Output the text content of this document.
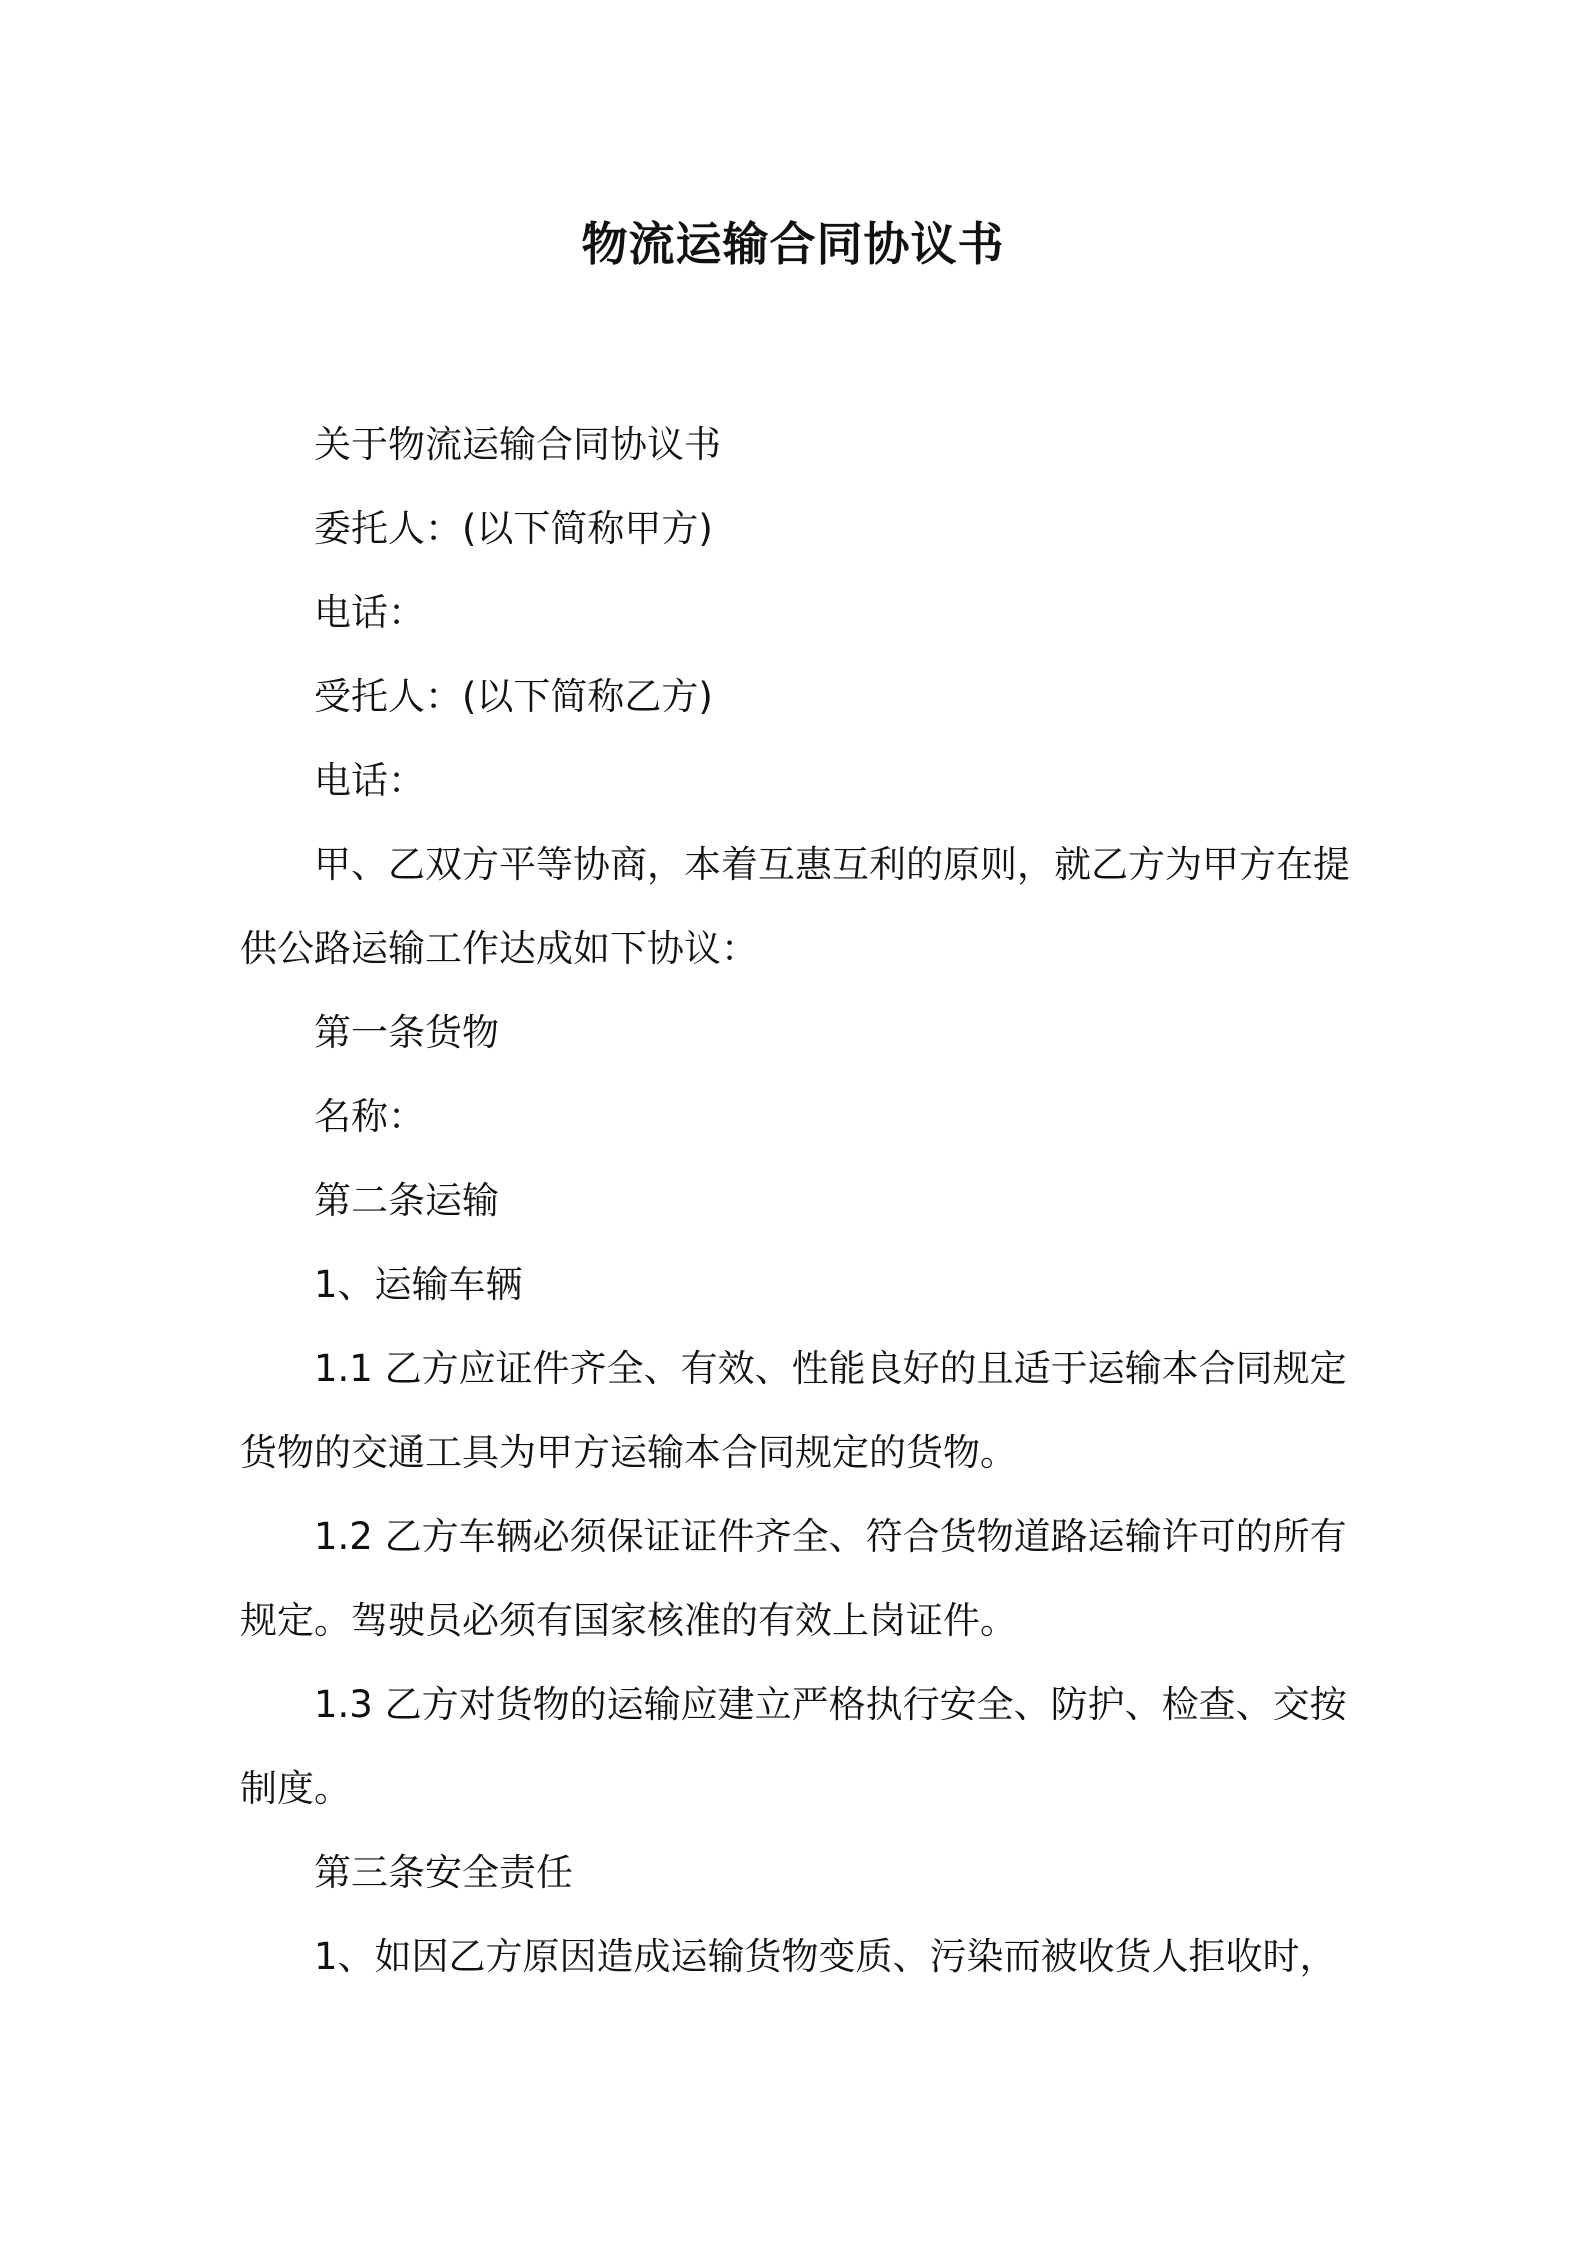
物流运输合同协议书

关于物流运输合同协议书

委托人：(以下简称甲方)

电话：

受托人：(以下简称乙方)

电话：

甲、乙双方平等协商，本着互惠互利的原则，就乙方为甲方在提供公路运输工作达成如下协议：

第一条货物

名称：

第二条运输

1、运输车辆

1.1 乙方应证件齐全、有效、性能良好的且适于运输本合同规定货物的交通工具为甲方运输本合同规定的货物。

1.2 乙方车辆必须保证证件齐全、符合货物道路运输许可的所有规定。驾驶员必须有国家核准的有效上岗证件。

1.3 乙方对货物的运输应建立严格执行安全、防护、检查、交按制度。

第三条安全责任

1、如因乙方原因造成运输货物变质、污染而被收货人拒收时，
